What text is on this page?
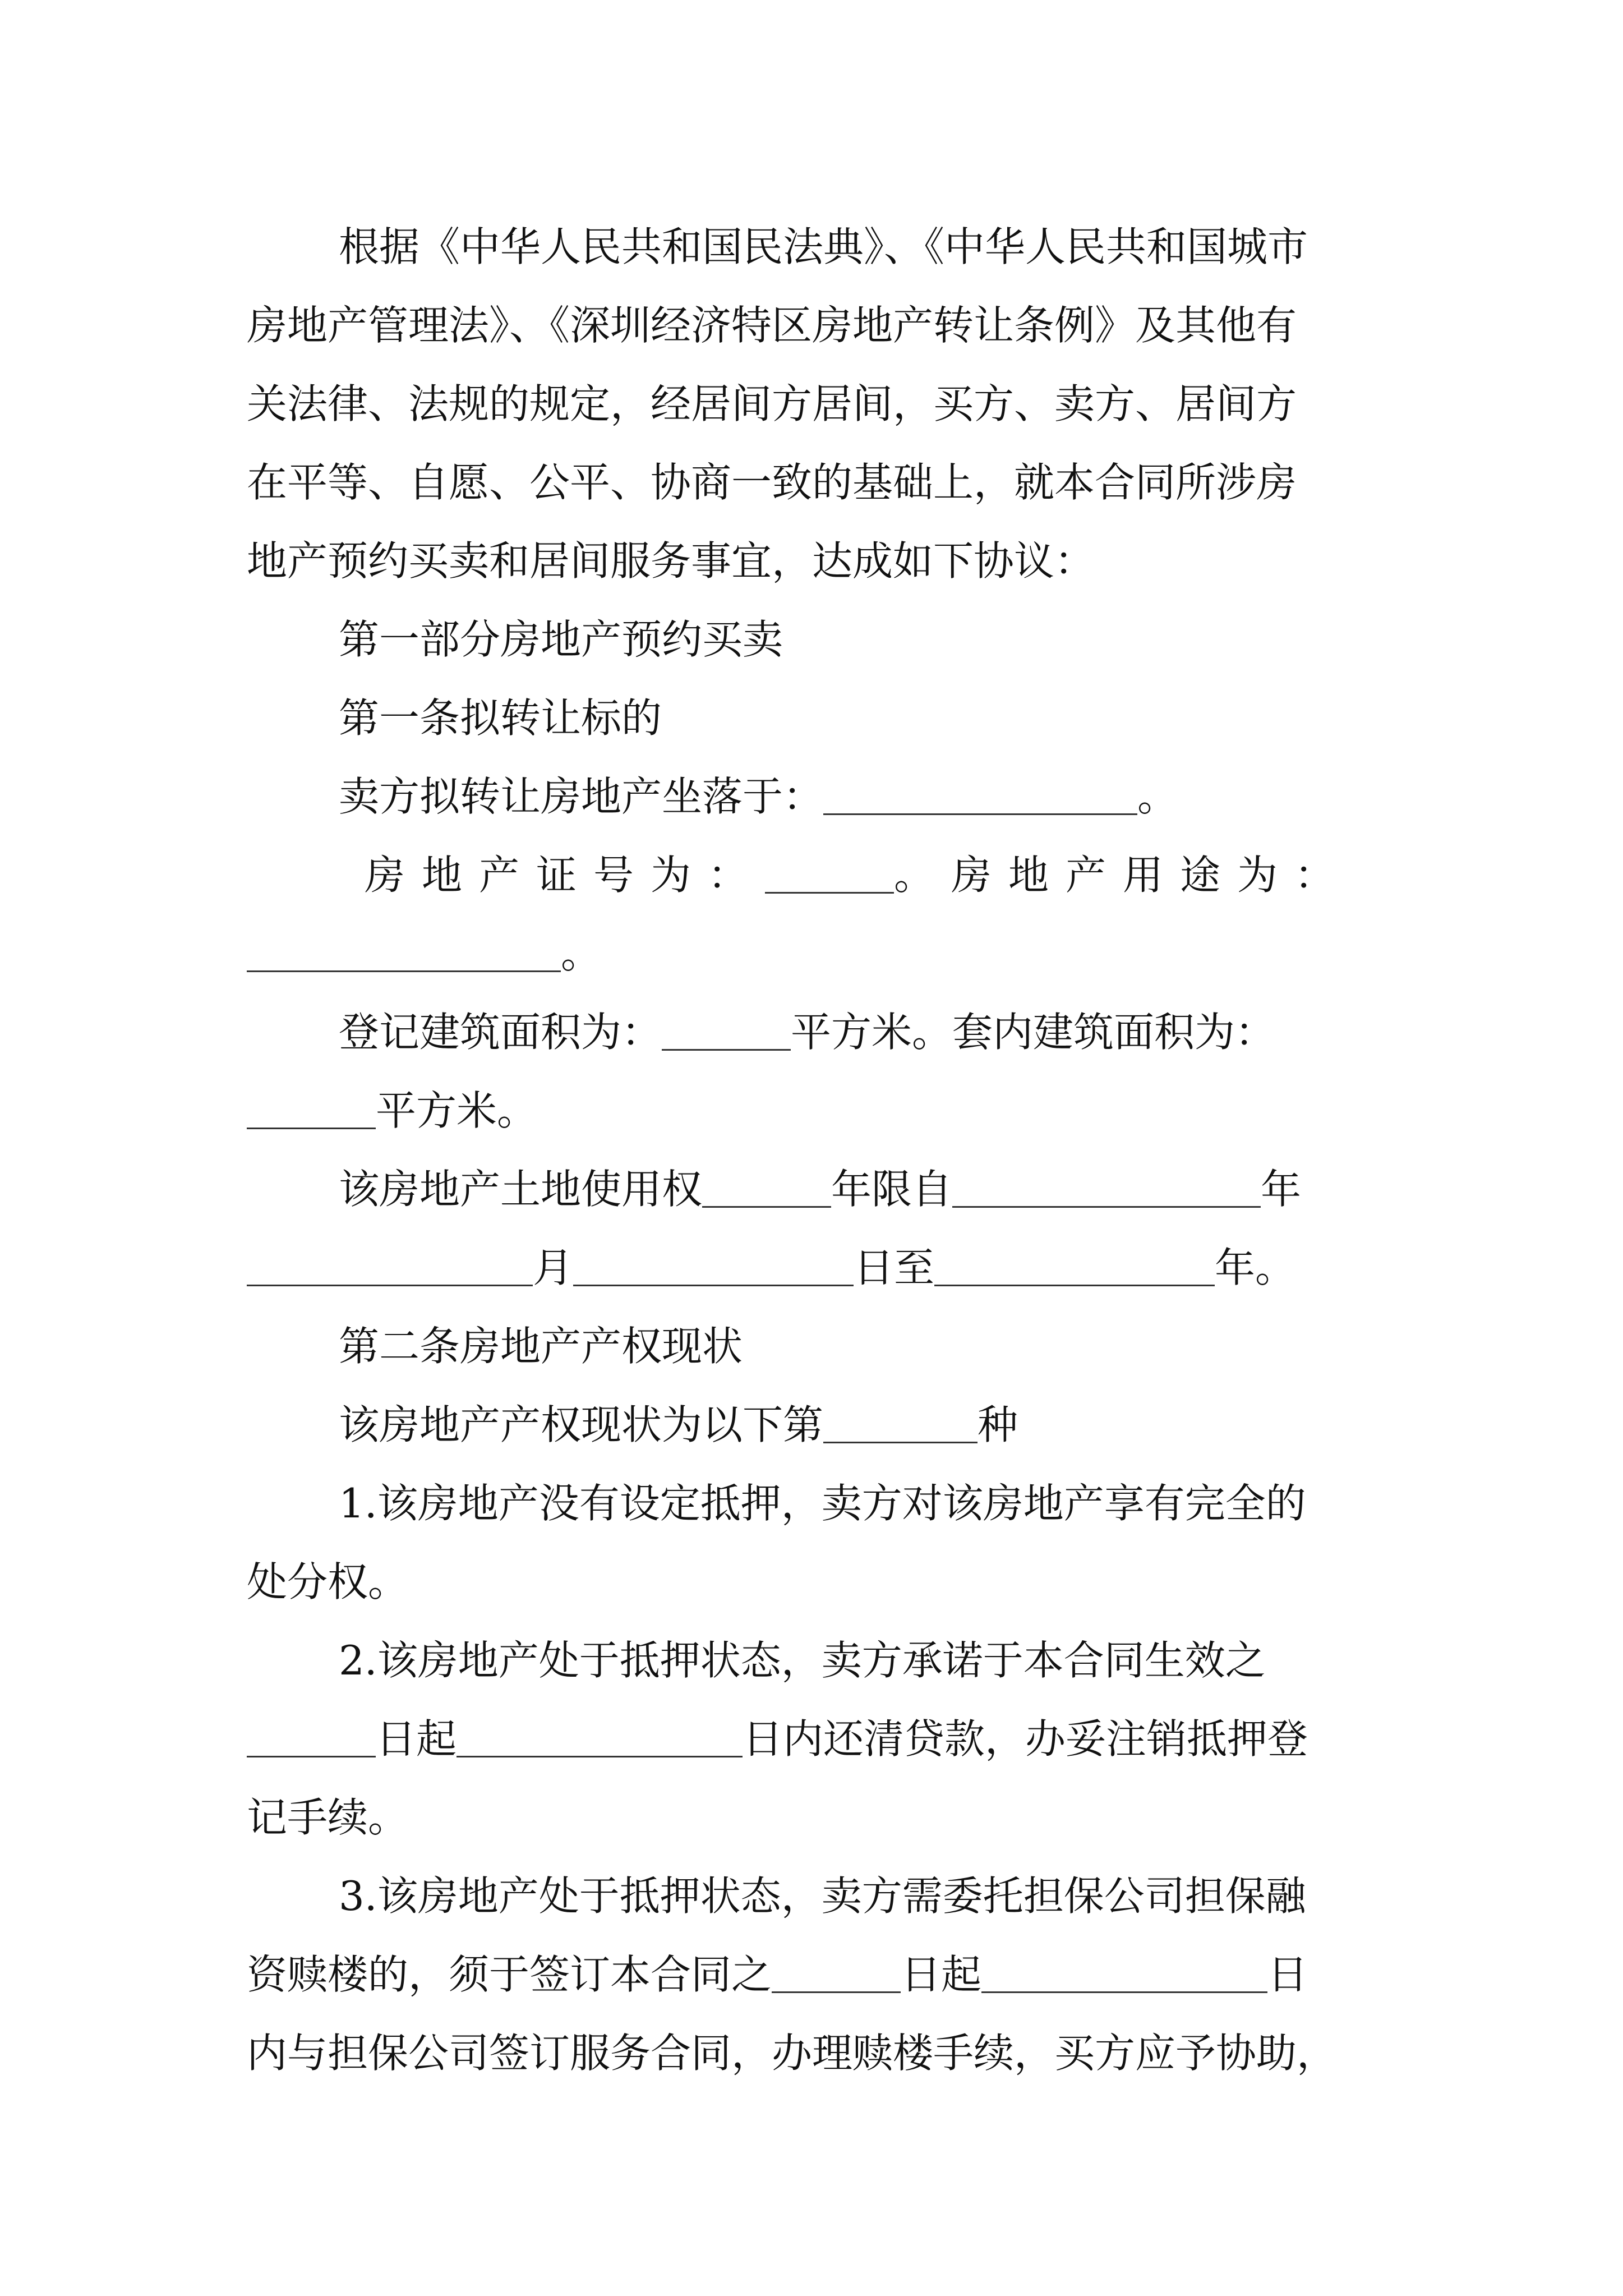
根据《中华人民共和国民法典》、《中华人民共和国城市

房地产管理法》、《深圳经济特区房地产转让条例》及其他有

关法律、法规的规定，经居间方居间，买方、卖方、居间方

在平等、自愿、公平、协商一致的基础上，就本合同所涉房

地产预约买卖和居间服务事宜，达成如下协议：

第一部分房地产预约买卖

第一条拟转让标的

卖方拟转让房地产坐落于：	。

房地产证号为：	。房地产用途为：

。

登记建筑面积为：	平方米。套内建筑面积为：

平方米。

该房地产土地使用权	年限自	年

月	日至	年。

第二条房地产产权现状

该房地产产权现状为以下第	种

1.该房地产没有设定抵押，卖方对该房地产享有完全的

处分权。

2.该房地产处于抵押状态，卖方承诺于本合同生效之

日起	日内还清贷款，办妥注销抵押登

记手续。

3.该房地产处于抵押状态，卖方需委托担保公司担保融

资赎楼的，须于签订本合同之	日起	日

内与担保公司签订服务合同，办理赎楼手续，买方应予协助，
